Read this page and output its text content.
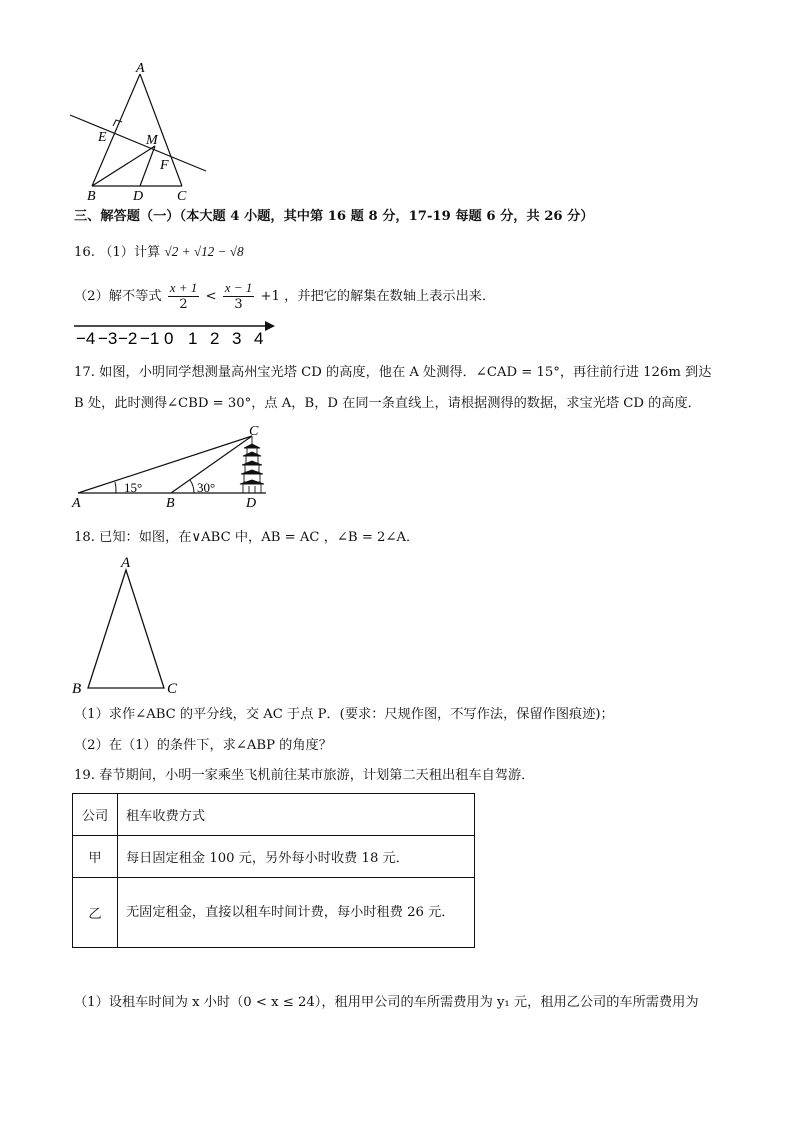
A
E	M
F
B	D C
三、解答题（一）（本大题 4 小题，其中第 16 题 8 分，17-19 每题 6 分，共 26 分）
16. （1）计算 √2 + √12 − √8
（2）解不等式 $\frac{x + 1}{2} < \frac{x - 1}{3} +1$ ，并把它的解集在数轴上表示出来．
−4 −3 −2 −1 0 1 2 3 4
17. 如图，小明同学想测量高州宝光塔 CD 的高度，他在 A 处测得．∠CAD = 15°，再往前行进 126m 到达
B 处，此时测得∠CBD = 30°，点 A，B，D 在同一条直线上，请根据测得的数据，求宝光塔 CD 的高度．
A	B
C
D
15°	30°
18. 已知：如图，在∨ABC 中，AB = AC ，∠B = 2∠A．
A
B	C
（1）求作∠ABC 的平分线，交 AC 于点 P．(要求：尺规作图，不写作法，保留作图痕迹)；
（2）在（1）的条件下，求∠ABP 的角度？
19. 春节期间，小明一家乘坐飞机前往某市旅游，计划第二天租出租车自驾游．
公司	租车收费方式
甲	每日固定租金 100 元，另外每小时收费 18 元．
乙	无固定租金，直接以租车时间计费，每小时租费 26 元．
（1）设租车时间为 x 小时（0 < x ≤ 24），租用甲公司的车所需费用为 y₁ 元，租用乙公司的车所需费用为
